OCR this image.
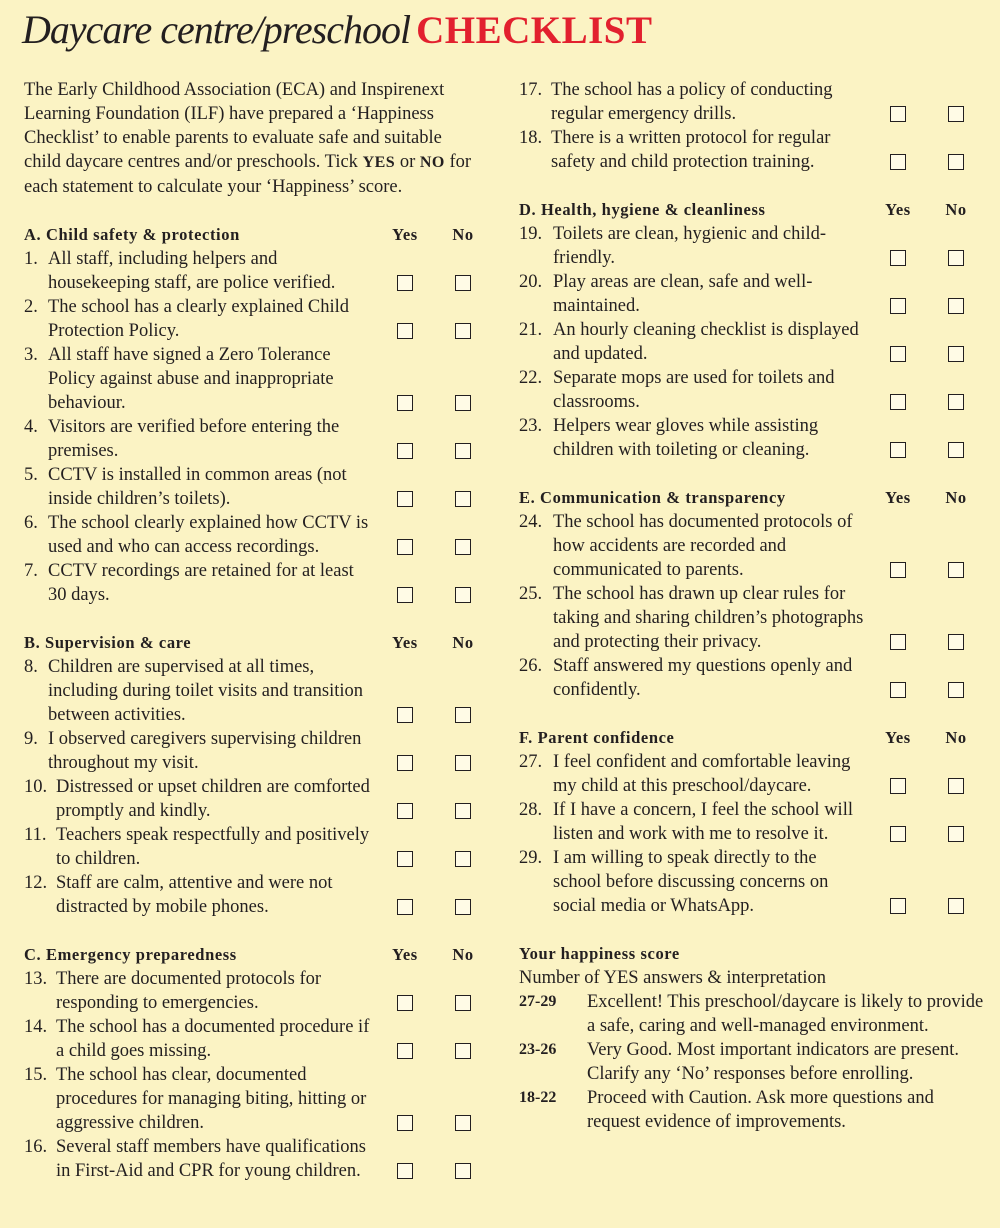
Daycare centre/preschool CHECKLIST

The Early Childhood Association (ECA) and Inspirenext Learning Foundation (ILF) have prepared a ‘Happiness Checklist’ to enable parents to evaluate safe and suitable child daycare centres and/or preschools. Tick YES or NO for each statement to calculate your ‘Happiness’ score.

A. Child safety & protection	Yes	No
1. All staff, including helpers and housekeeping staff, are police verified.
2. The school has a clearly explained Child Protection Policy.
3. All staff have signed a Zero Tolerance Policy against abuse and inappropriate behaviour.
4. Visitors are verified before entering the premises.
5. CCTV is installed in common areas (not inside children’s toilets).
6. The school clearly explained how CCTV is used and who can access recordings.
7. CCTV recordings are retained for at least 30 days.
B. Supervision & care	Yes	No
8. Children are supervised at all times, including during toilet visits and transition between activities.
9. I observed caregivers supervising children throughout my visit.
10. Distressed or upset children are comforted promptly and kindly.
11. Teachers speak respectfully and positively to children.
12. Staff are calm, attentive and were not distracted by mobile phones.
C. Emergency preparedness	Yes	No
13. There are documented protocols for responding to emergencies.
14. The school has a documented procedure if a child goes missing.
15. The school has clear, documented procedures for managing biting, hitting or aggressive children.
16. Several staff members have qualifications in First-Aid and CPR for young children.
17. The school has a policy of conducting regular emergency drills.
18. There is a written protocol for regular safety and child protection training.
D. Health, hygiene & cleanliness	Yes	No
19. Toilets are clean, hygienic and child-friendly.
20. Play areas are clean, safe and well-maintained.
21. An hourly cleaning checklist is displayed and updated.
22. Separate mops are used for toilets and classrooms.
23. Helpers wear gloves while assisting children with toileting or cleaning.
E. Communication & transparency	Yes	No
24. The school has documented protocols of how accidents are recorded and communicated to parents.
25. The school has drawn up clear rules for taking and sharing children’s photographs and protecting their privacy.
26. Staff answered my questions openly and confidently.
F. Parent confidence	Yes	No
27. I feel confident and comfortable leaving my child at this preschool/daycare.
28. If I have a concern, I feel the school will listen and work with me to resolve it.
29. I am willing to speak directly to the school before discussing concerns on social media or WhatsApp.
Your happiness score
Number of YES answers & interpretation
27-29	Excellent! This preschool/daycare is likely to provide a safe, caring and well-managed environment.
23-26	Very Good. Most important indicators are present. Clarify any ‘No’ responses before enrolling.
18-22	Proceed with Caution. Ask more questions and request evidence of improvements.
